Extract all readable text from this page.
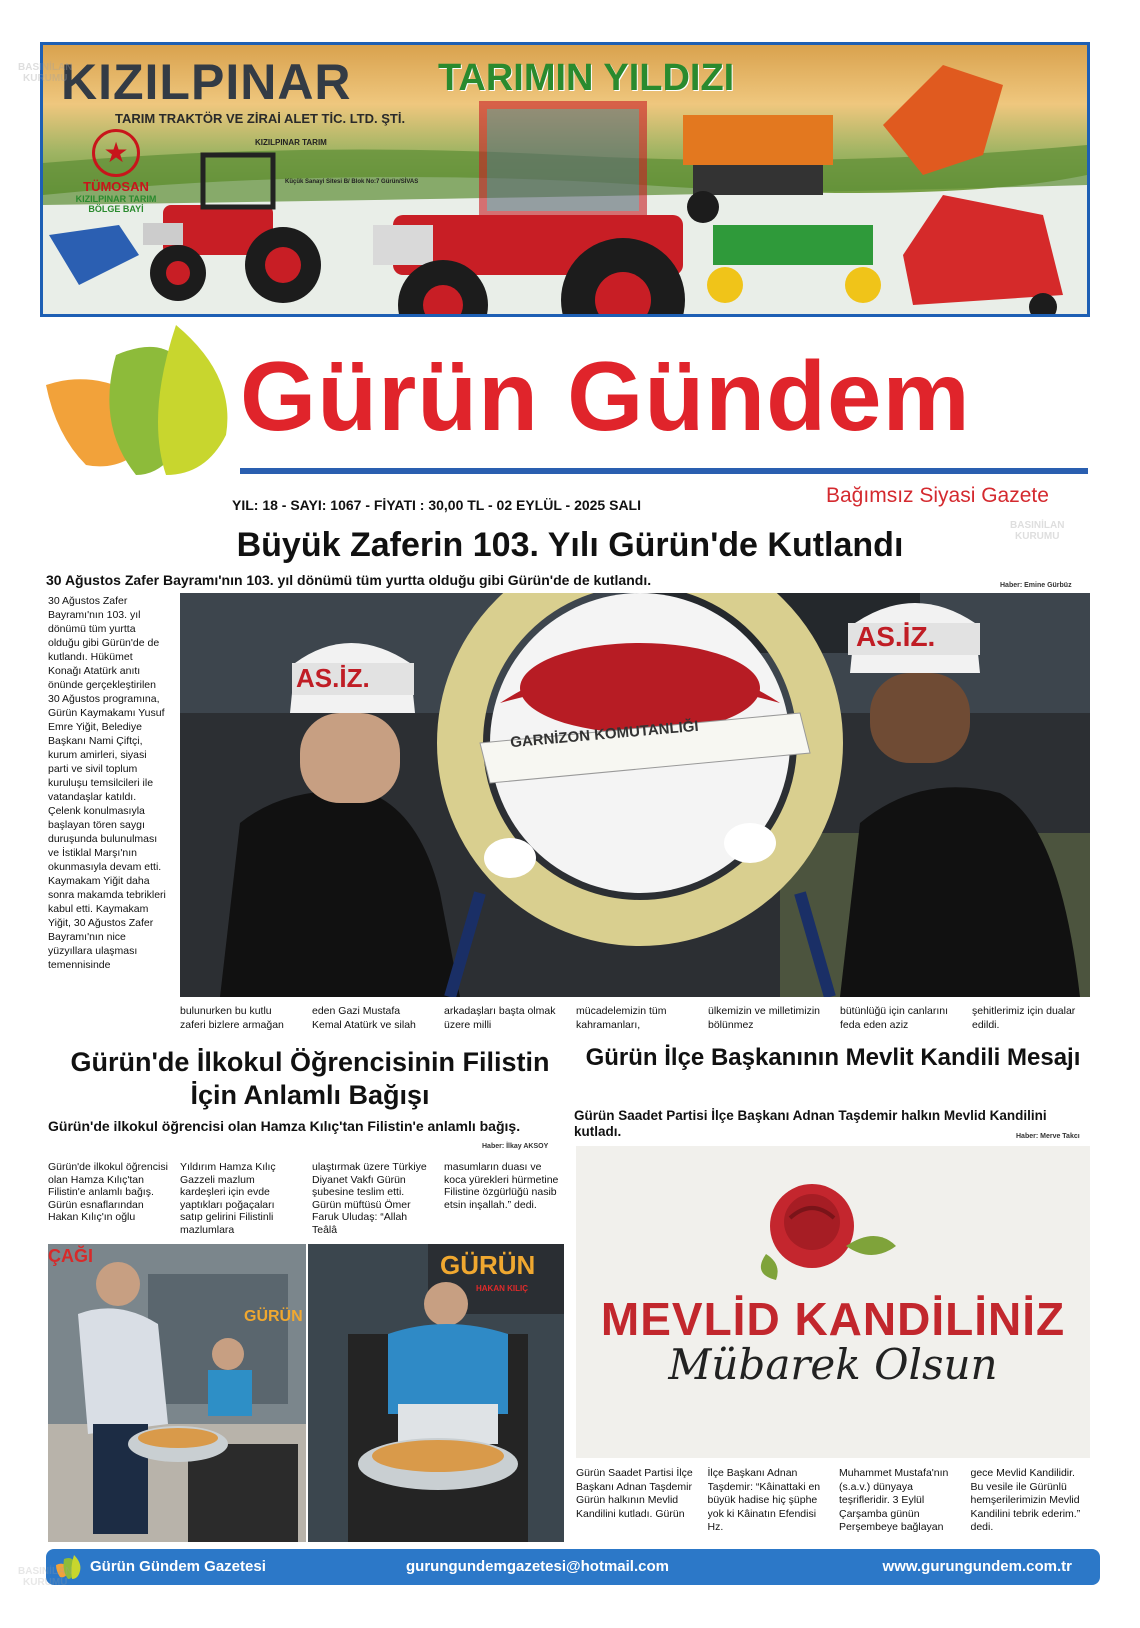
KIZILPINAR TARIMIN YILDIZI
TARIM TRAKTÖR VE ZİRAİ ALET TİC. LTD. ŞTİ.
★
TÜMOSAN
KIZILPINAR TARIM
BÖLGE BAYİ
KIZILPINAR TARIM
Küçük Sanayi Sitesi B/ Blok No:7 Gürün/SİVAS
Gürün Gündem
YIL: 18 - SAYI: 1067 - FİYATI : 30,00 TL - 02 EYLÜL - 2025 SALI	Bağımsız Siyasi Gazete
Büyük Zaferin 103. Yılı Gürün'de Kutlandı
30 Ağustos Zafer Bayramı'nın 103. yıl dönümü tüm yurtta olduğu gibi Gürün'de de kutlandı.	Haber: Emine Gürbüz
30 Ağustos Zafer Bayramı'nın 103. yıl dönümü tüm yurtta olduğu gibi Gürün'de de kutlandı. Hükümet Konağı Atatürk anıtı önünde gerçekleştirilen 30 Ağustos programına, Gürün Kaymakamı Yusuf Emre Yiğit, Belediye Başkanı Nami Çiftçi, kurum amirleri, siyasi parti ve sivil toplum kuruluşu temsilcileri ile vatandaşlar katıldı. Çelenk konulmasıyla başlayan tören saygı duruşunda bulunulması ve İstiklal Marşı'nın okunmasıyla devam etti. Kaymakam Yiğit daha sonra makamda tebrikleri kabul etti. Kaymakam Yiğit, 30 Ağustos Zafer Bayramı'nın nice yüzyıllara ulaşması temennisinde
AS.İZ.
AS.İZ.
GARNİZON KOMUTANLIĞI
bulunurken bu kutlu zaferi bizlere armağan
eden Gazi Mustafa Kemal Atatürk ve silah
arkadaşları başta olmak üzere milli
mücadelemizin tüm kahramanları,
ülkemizin ve milletimizin bölünmez
bütünlüğü için canlarını feda eden aziz
şehitlerimiz için dualar edildi.
Gürün'de İlkokul Öğrencisinin Filistin İçin Anlamlı Bağışı
Gürün'de ilkokul öğrencisi olan Hamza Kılıç'tan Filistin'e anlamlı bağış.
Haber: İlkay AKSOY
Gürün'de ilkokul öğrencisi olan Hamza Kılıç'tan Filistin'e anlamlı bağış. Gürün esnaflarından Hakan Kılıç'ın oğlu
Yıldırım Hamza Kılıç Gazzeli mazlum kardeşleri için evde yaptıkları poğaçaları satıp gelirini Filistinli mazlumlara
ulaştırmak üzere Türkiye Diyanet Vakfı Gürün şubesine teslim etti. Gürün müftüsü Ömer Faruk Uludaş: “Allah Teâlâ
masumların duası ve koca yürekleri hürmetine Filistine özgürlüğü nasib etsin inşallah.” dedi.
ÇAĞI
GÜRÜN
GÜRÜN
HAKAN KILIÇ
Gürün İlçe Başkanının Mevlit Kandili Mesajı
Gürün Saadet Partisi İlçe Başkanı Adnan Taşdemir halkın Mevlid Kandilini kutladı.	Haber: Merve Takcı
MEVLİD KANDİLİNİZ
Mübarek Olsun
Gürün Saadet Partisi İlçe Başkanı Adnan Taşdemir Gürün halkının Mevlid Kandilini kutladı. Gürün
İlçe Başkanı Adnan Taşdemir: “Kâinattaki en büyük hadise hiç şüphe yok ki Kâinatın Efendisi Hz.
Muhammet Mustafa'nın (s.a.v.) dünyaya teşrifleridir. 3 Eylül Çarşamba günün Perşembeye bağlayan
gece Mevlid Kandilidir. Bu vesile ile Gürünlü hemşerilerimizin Mevlid Kandilini tebrik ederim.” dedi.
Gürün Gündem Gazetesi	gurungundemgazetesi@hotmail.com	www.gurungundem.com.tr
BASINİLAN
KURUMU
BASINİLAN
KURUMU
BASINİLAN
KURUMU
